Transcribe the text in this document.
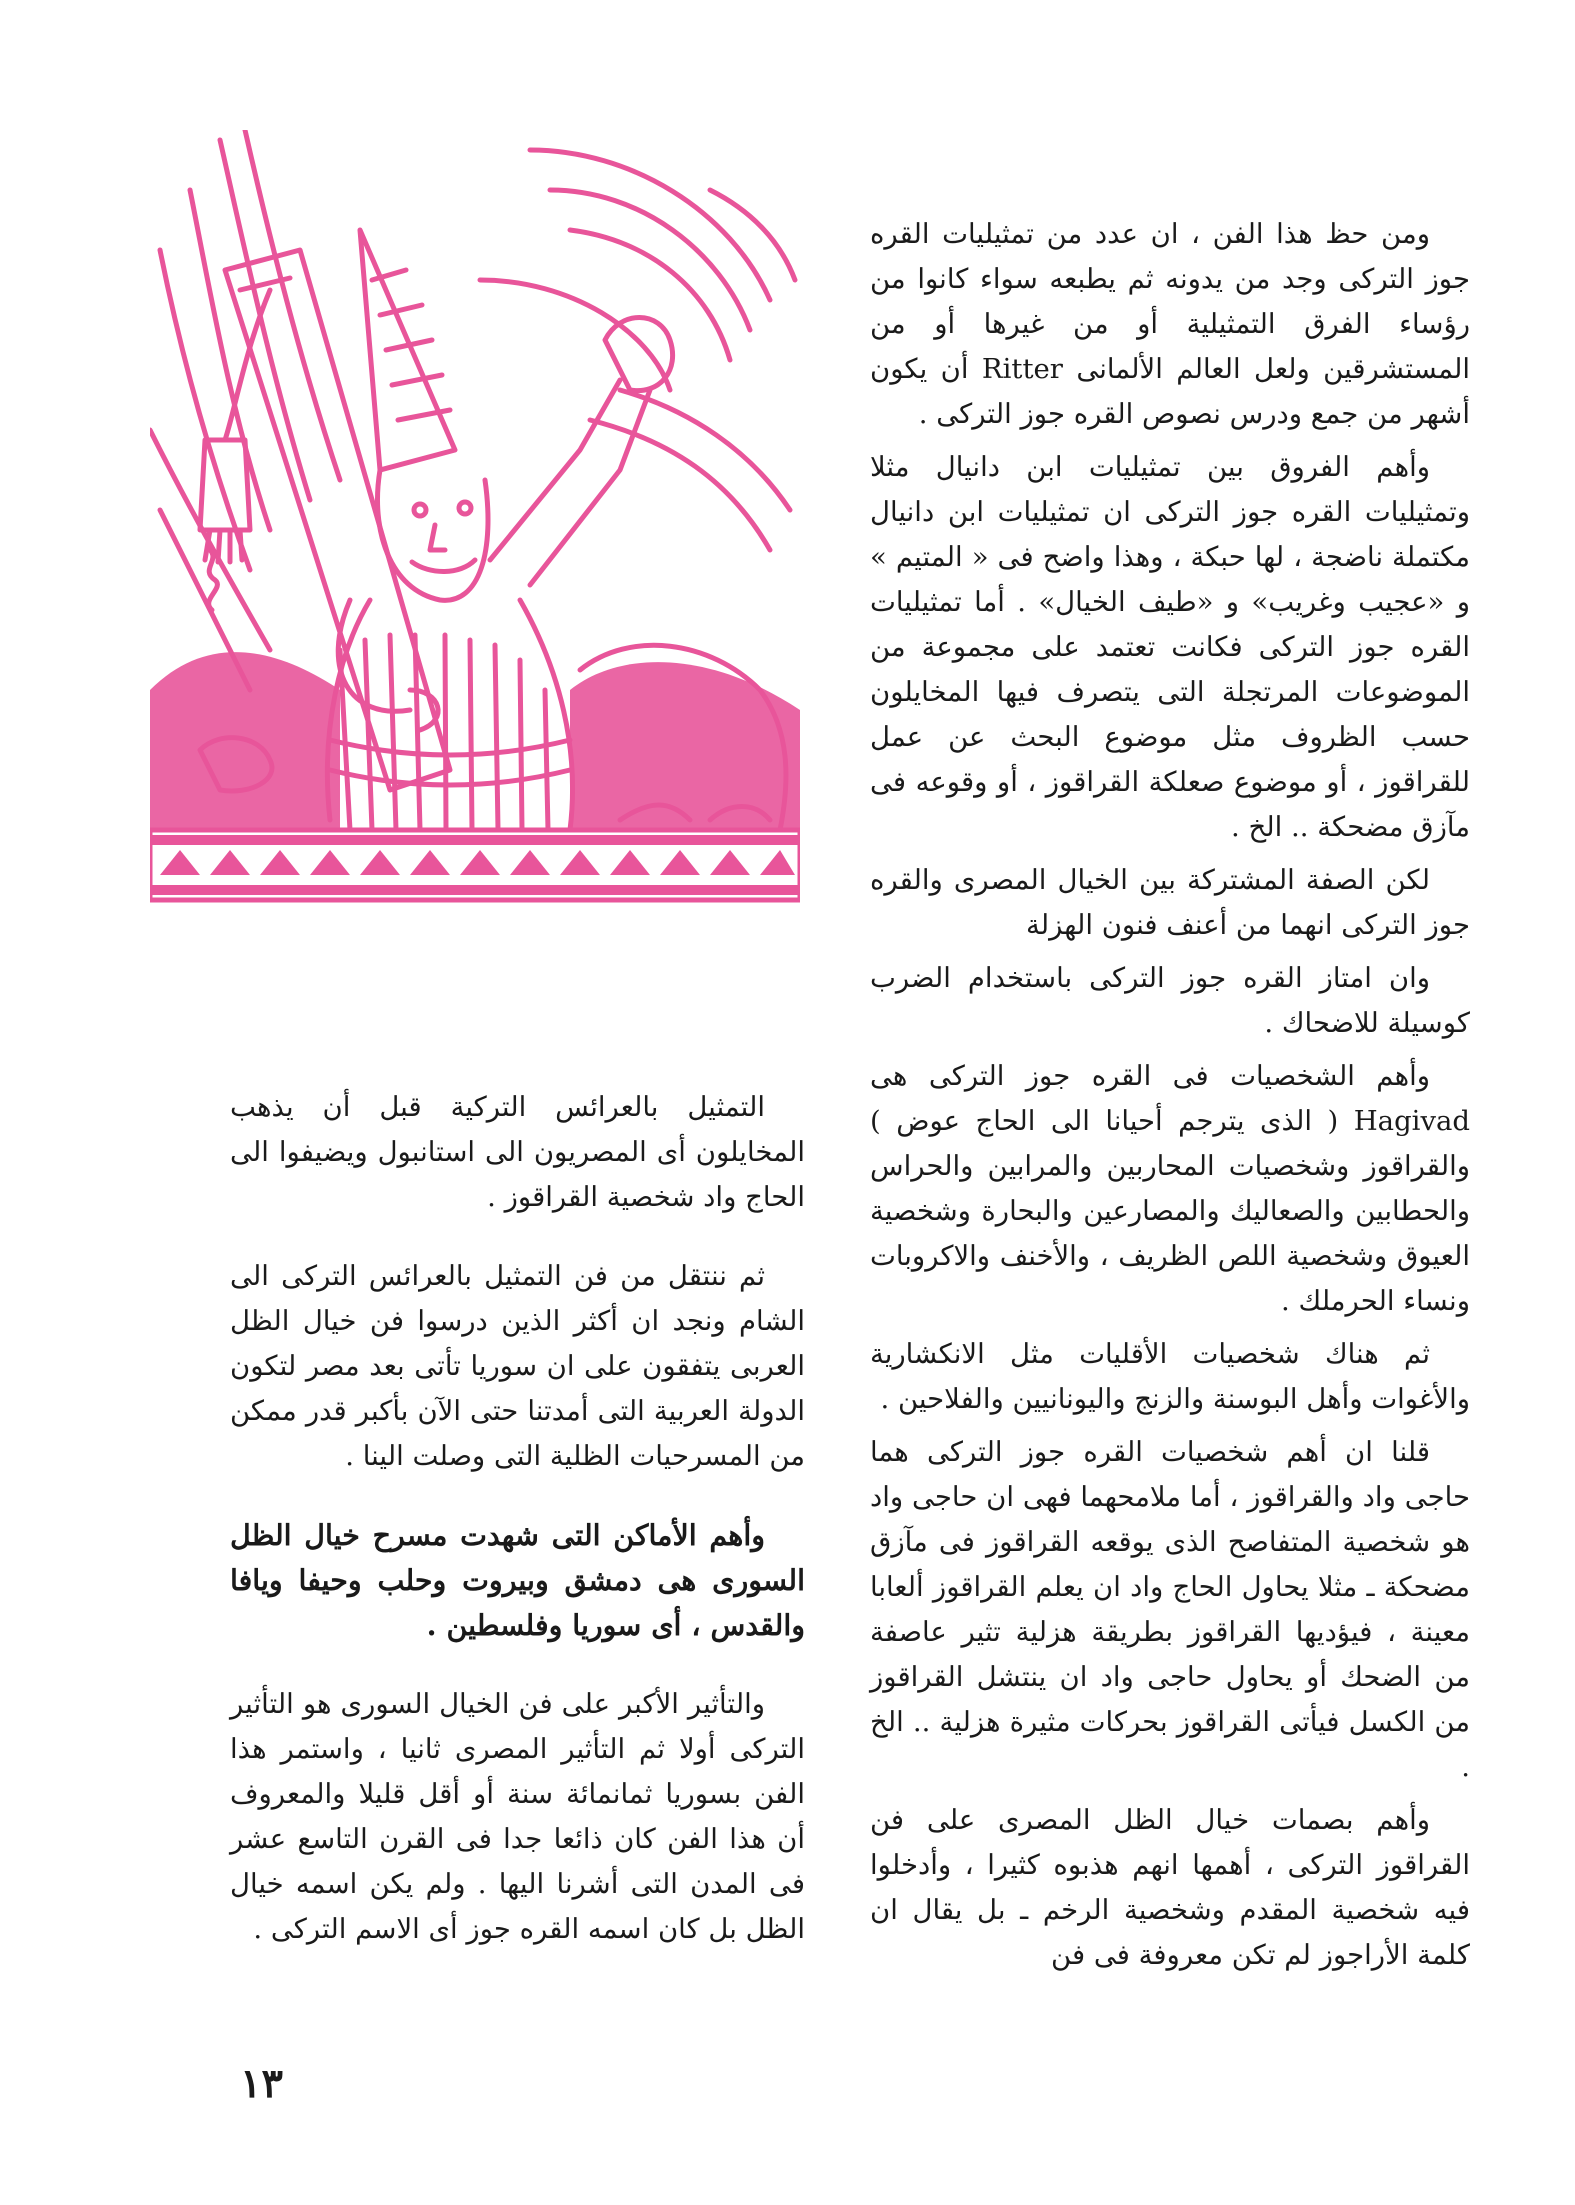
ومن حظ هذا الفن ، ان عدد من تمثيليات القره جوز التركى وجد من يدونه ثم يطبعه سواء كانوا من رؤساء الفرق التمثيلية أو من غيرها أو من المستشرقين ولعل العالم الألمانى Ritter أن يكون أشهر من جمع ودرس نصوص القره جوز التركى .

وأهم الفروق بين تمثيليات ابن دانيال مثلا وتمثيليات القره جوز التركى ان تمثيليات ابن دانيال مكتملة ناضجة ، لها حبكة ، وهذا واضح فى « المتيم » و «عجيب وغريب» و «طيف الخيال» . أما تمثيليات القره جوز التركى فكانت تعتمد على مجموعة من الموضوعات المرتجلة التى يتصرف فيها المخايلون حسب الظروف مثل موضوع البحث عن عمل للقراقوز ، أو موضوع صعلكة القراقوز ، أو وقوعه فى مآزق مضحكة .. الخ .

لكن الصفة المشتركة بين الخيال المصرى والقره جوز التركى انهما من أعنف فنون الهزلة

وان امتاز القره جوز التركى باستخدام الضرب كوسيلة للاضحاك .

وأهم الشخصيات فى القره جوز التركى هى Hagivad ( الذى يترجم أحيانا الى الحاج عوض ) والقراقوز وشخصيات المحاربين والمرابين والحراس والحطابين والصعاليك والمصارعين والبحارة وشخصية العيوق وشخصية اللص الظريف ، والأخنف والاكروبات ونساء الحرملك .

ثم هناك شخصيات الأقليات مثل الانكشارية والأغوات وأهل البوسنة والزنج واليونانيين والفلاحين .

قلنا ان أهم شخصيات القره جوز التركى هما حاجى واد والقراقوز ، أما ملامحهما فهى ان حاجى واد هو شخصية المتفاصح الذى يوقعه القراقوز فى مآزق مضحكة ـ مثلا يحاول الحاج واد ان يعلم القراقوز ألعابا معينة ، فيؤديها القراقوز بطريقة هزلية تثير عاصفة من الضحك أو يحاول حاجى واد ان ينتشل القراقوز من الكسل فيأتى القراقوز بحركات مثيرة هزلية .. الخ .

وأهم بصمات خيال الظل المصرى على فن القراقوز التركى ، أهمها انهم هذبوه كثيرا ، وأدخلوا فيه شخصية المقدم وشخصية الرخم ـ بل يقال ان كلمة الأراجوز لم تكن معروفة فى فن

التمثيل بالعرائس التركية قبل أن يذهب المخايلون أى المصريون الى استانبول ويضيفوا الى الحاج واد شخصية القراقوز .

ثم ننتقل من فن التمثيل بالعرائس التركى الى الشام ونجد ان أكثر الذين درسوا فن خيال الظل العربى يتفقون على ان سوريا تأتى بعد مصر لتكون الدولة العربية التى أمدتنا حتى الآن بأكبر قدر ممكن من المسرحيات الظلية التى وصلت الينا .

وأهم الأماكن التى شهدت مسرح خيال الظل السورى هى دمشق وبيروت وحلب وحيفا ويافا والقدس ، أى سوريا وفلسطين .

والتأثير الأكبر على فن الخيال السورى هو التأثير التركى أولا ثم التأثير المصرى ثانيا ، واستمر هذا الفن بسوريا ثمانمائة سنة أو أقل قليلا والمعروف أن هذا الفن كان ذائعا جدا فى القرن التاسع عشر فى المدن التى أشرنا اليها . ولم يكن اسمه خيال الظل بل كان اسمه القره جوز أى الاسم التركى .

١٣
